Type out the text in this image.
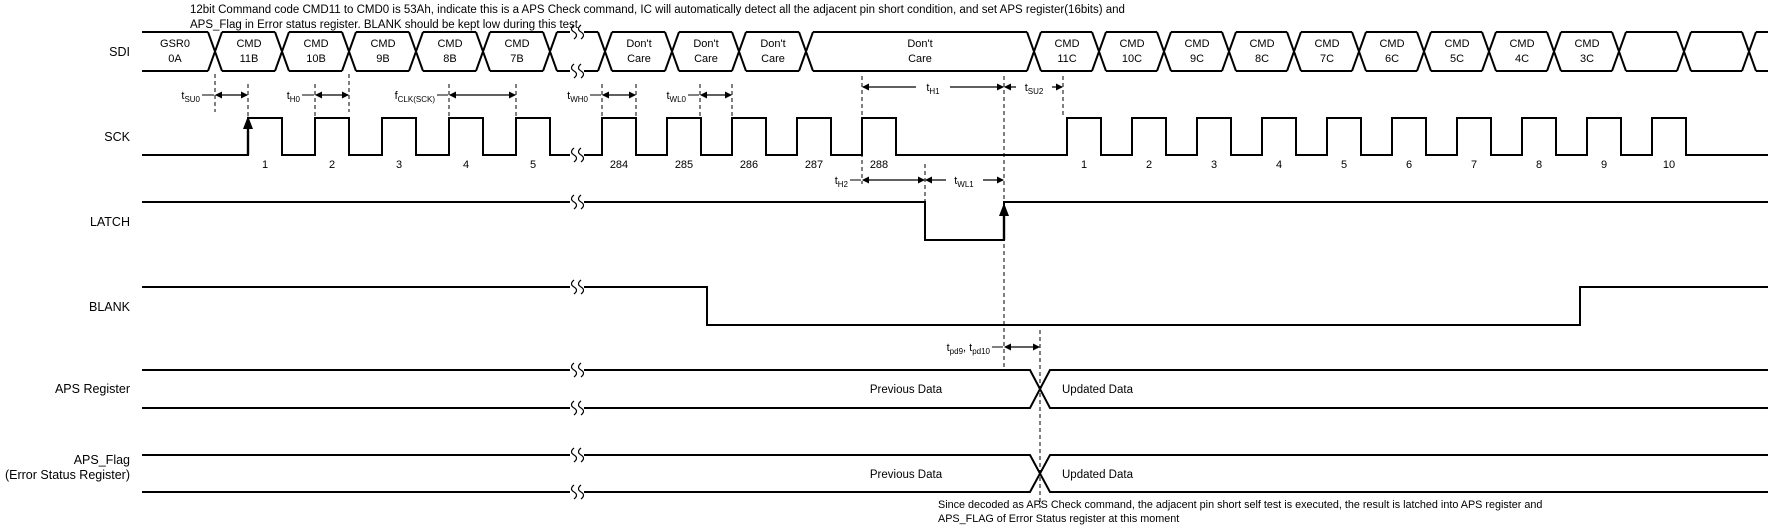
12bit Command code CMD11 to CMD0 is 53Ah, indicate this is a APS Check command, IC will automatically detect all the adjacent pin short condition, and set APS register(16bits) and APS_Flag in Error status register. BLANK should be kept low during this test
Since decoded as APS Check command, the adjacent pin short self test is executed, the result is latched into APS register and APS_FLAG of Error Status register at this moment
SDI
SCK
LATCH
BLANK
APS Register
APS_Flag
(Error Status Register)
GSR0
0A
CMD
11B
CMD
10B
CMD
9B
CMD
8B
CMD
7B
Don't
Care
Don't
Care
Don't
Care
Don't
Care
CMD
11C
CMD
10C
CMD
9C
CMD
8C
CMD
7C
CMD
6C
CMD
5C
CMD
4C
CMD
3C
1	2	3	4	5	284	285	286	287	288	1	2	3	4	5	6	7	8	9	10
Previous Data	Updated Data
Previous Data	Updated Data
$t_{SU0}$	$t_{H0}$	$f_{CLK(SCK)}$	$t_{WH0}$	$t_{WL0}$
$t_{H1}$	$t_{SU2}$
$t_{H2}$	$t_{WL1}$
$t_{pd9}$, $t_{pd10}$
